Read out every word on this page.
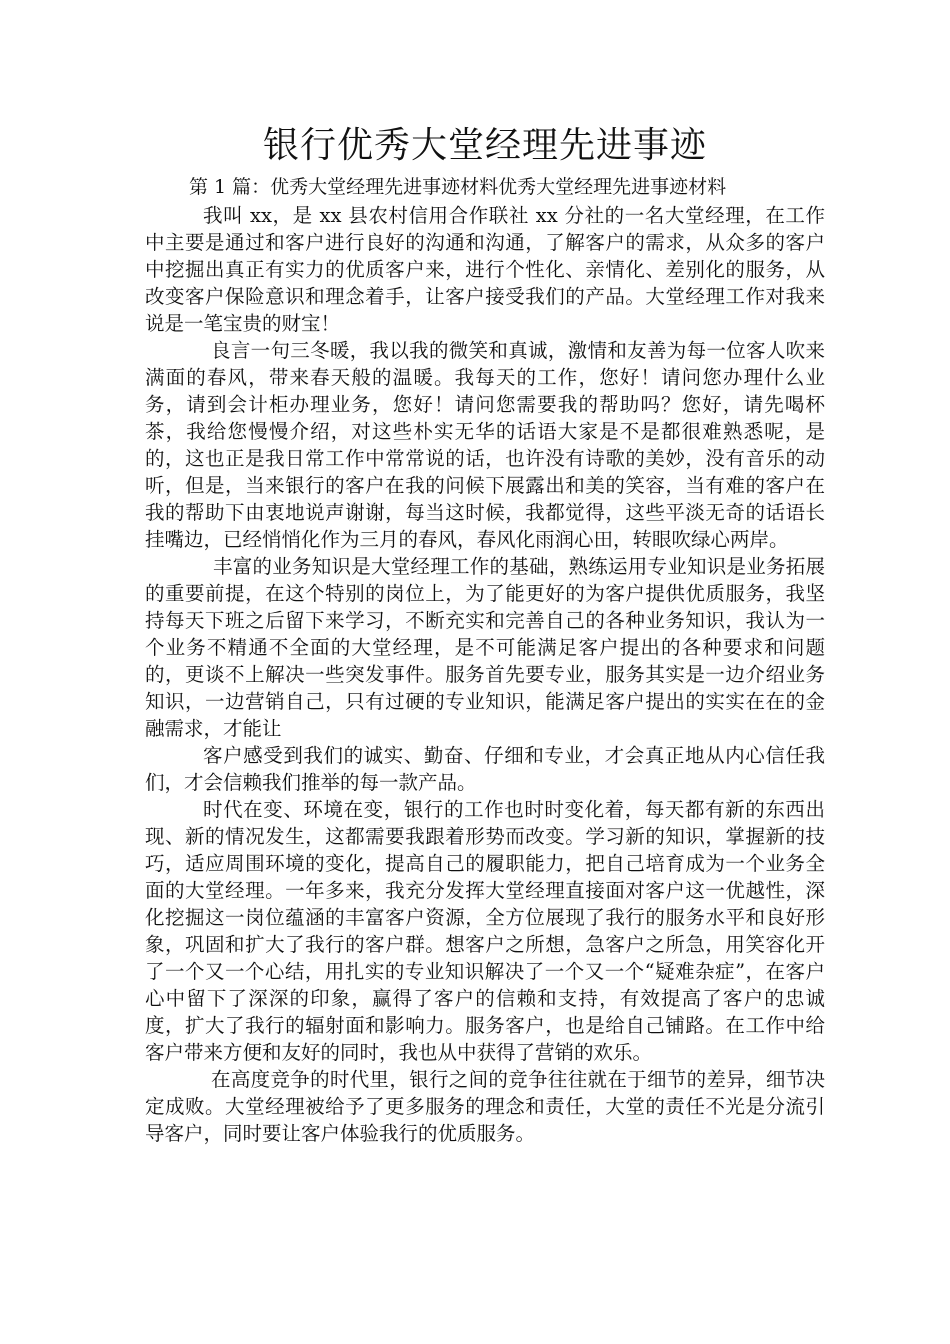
银行优秀大堂经理先进事迹

第 1 篇：优秀大堂经理先进事迹材料优秀大堂经理先进事迹材料

我叫 xx，是 xx 县农村信用合作联社 xx 分社的一名大堂经理，在工作中主要是通过和客户进行良好的沟通和沟通，了解客户的需求，从众多的客户中挖掘出真正有实力的优质客户来，进行个性化、亲情化、差别化的服务，从改变客户保险意识和理念着手，让客户接受我们的产品。大堂经理工作对我来说是一笔宝贵的财宝！

良言一句三冬暖，我以我的微笑和真诚，激情和友善为每一位客人吹来满面的春风，带来春天般的温暖。我每天的工作，您好！请问您办理什么业务，请到会计柜办理业务，您好！请问您需要我的帮助吗？您好，请先喝杯茶，我给您慢慢介绍，对这些朴实无华的话语大家是不是都很难熟悉呢，是的，这也正是我日常工作中常常说的话，也许没有诗歌的美妙，没有音乐的动听，但是，当来银行的客户在我的问候下展露出和美的笑容，当有难的客户在我的帮助下由衷地说声谢谢，每当这时候，我都觉得，这些平淡无奇的话语长挂嘴边，已经悄悄化作为三月的春风，春风化雨润心田，转眼吹绿心两岸。

丰富的业务知识是大堂经理工作的基础，熟练运用专业知识是业务拓展的重要前提，在这个特别的岗位上，为了能更好的为客户提供优质服务，我坚持每天下班之后留下来学习，不断充实和完善自己的各种业务知识，我认为一个业务不精通不全面的大堂经理，是不可能满足客户提出的各种要求和问题的，更谈不上解决一些突发事件。服务首先要专业，服务其实是一边介绍业务知识，一边营销自己，只有过硬的专业知识，能满足客户提出的实实在在的金融需求，才能让

客户感受到我们的诚实、勤奋、仔细和专业，才会真正地从内心信任我们，才会信赖我们推举的每一款产品。

时代在变、环境在变，银行的工作也时时变化着，每天都有新的东西出现、新的情况发生，这都需要我跟着形势而改变。学习新的知识，掌握新的技巧，适应周围环境的变化，提高自己的履职能力，把自己培育成为一个业务全面的大堂经理。一年多来，我充分发挥大堂经理直接面对客户这一优越性，深化挖掘这一岗位蕴涵的丰富客户资源，全方位展现了我行的服务水平和良好形象，巩固和扩大了我行的客户群。想客户之所想，急客户之所急，用笑容化开了一个又一个心结，用扎实的专业知识解决了一个又一个“疑难杂症”，在客户心中留下了深深的印象，赢得了客户的信赖和支持，有效提高了客户的忠诚度，扩大了我行的辐射面和影响力。服务客户，也是给自己铺路。在工作中给客户带来方便和友好的同时，我也从中获得了营销的欢乐。

在高度竞争的时代里，银行之间的竞争往往就在于细节的差异，细节决定成败。大堂经理被给予了更多服务的理念和责任，大堂的责任不光是分流引导客户，同时要让客户体验我行的优质服务。
